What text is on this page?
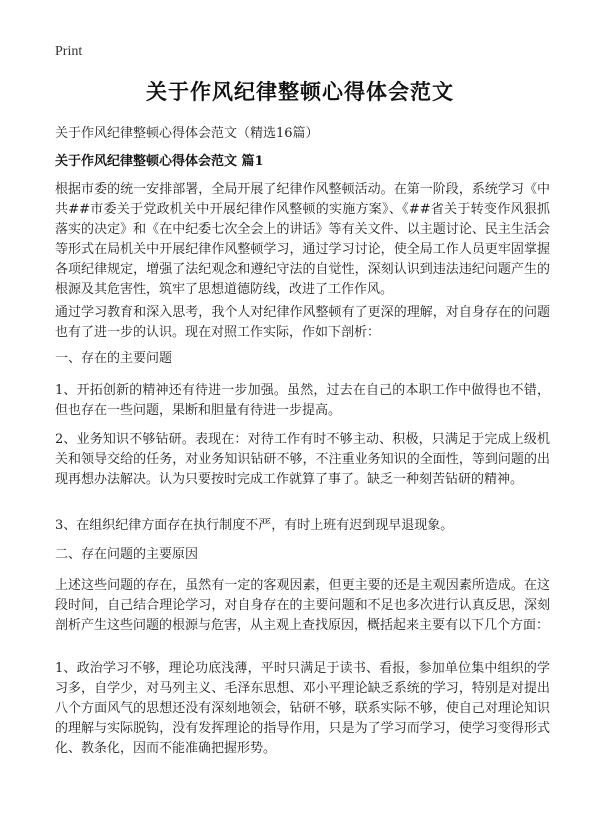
Print
关于作风纪律整顿心得体会范文
关于作风纪律整顿心得体会范文（精选16篇）
关于作风纪律整顿心得体会范文 篇1
根据市委的统一安排部署，全局开展了纪律作风整顿活动。在第一阶段，系统学习《中共##市委关于党政机关中开展纪律作风整顿的实施方案》、《##省关于转变作风狠抓落实的决定》和《在中纪委七次全会上的讲话》等有关文件、以主题讨论、民主生活会等形式在局机关中开展纪律作风整顿学习，通过学习讨论，使全局工作人员更牢固掌握各项纪律规定，增强了法纪观念和遵纪守法的自觉性，深刻认识到违法违纪问题产生的根源及其危害性，筑牢了思想道德防线，改进了工作作风。
通过学习教育和深入思考，我个人对纪律作风整顿有了更深的理解，对自身存在的问题也有了进一步的认识。现在对照工作实际，作如下剖析：
一、存在的主要问题
1、开拓创新的精神还有待进一步加强。虽然，过去在自己的本职工作中做得也不错，但也存在一些问题，果断和胆量有待进一步提高。
2、业务知识不够钻研。表现在：对待工作有时不够主动、积极，只满足于完成上级机关和领导交给的任务，对业务知识钻研不够，不注重业务知识的全面性，等到问题的出现再想办法解决。认为只要按时完成工作就算了事了。缺乏一种刻苦钻研的精神。
3、在组织纪律方面存在执行制度不严，有时上班有迟到现早退现象。
二、存在问题的主要原因
上述这些问题的存在，虽然有一定的客观因素，但更主要的还是主观因素所造成。在这段时间，自己结合理论学习，对自身存在的主要问题和不足也多次进行认真反思，深刻剖析产生这些问题的根源与危害，从主观上查找原因，概括起来主要有以下几个方面：
1、政治学习不够，理论功底浅薄，平时只满足于读书、看报，参加单位集中组织的学习多，自学少，对马列主义、毛泽东思想、邓小平理论缺乏系统的学习，特别是对提出八个方面风气的思想还没有深刻地领会，钻研不够，联系实际不够，使自己对理论知识的理解与实际脱钩，没有发挥理论的指导作用，只是为了学习而学习，使学习变得形式化、教条化，因而不能准确把握形势。
